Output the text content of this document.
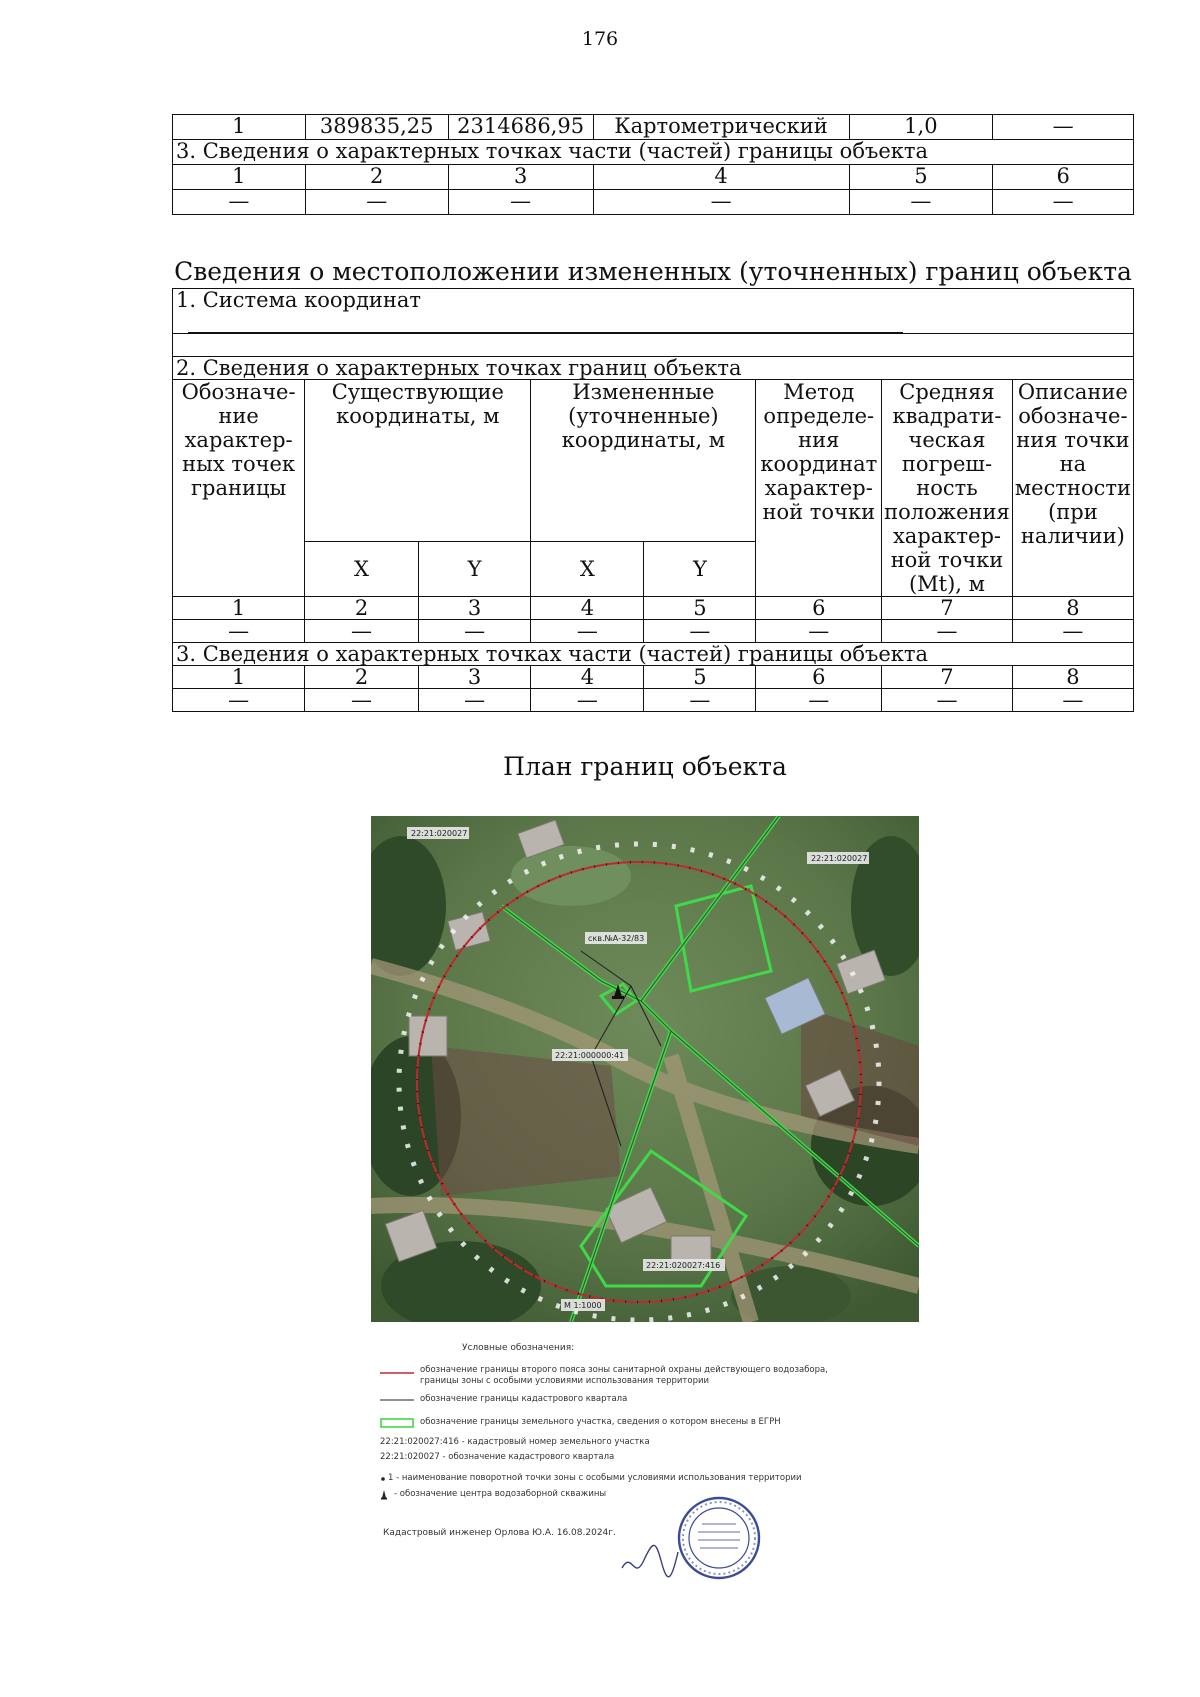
176
1	389835,25	2314686,95	Картометрический	1,0	—
3. Сведения о характерных точках части (частей) границы объекта					
1	2	3	4	5	6
—	—	—	—	—	—
Сведения о местоположении измененных (уточненных) границ объекта
1. Система координат							

2. Сведения о характерных точках границ объекта							
Обозначе-ние характер-ных точек границы	Существующие координаты, м		Измененные (уточненные) координаты, м		Метод определе-ния координат характер-ной точки	Средняя квадрати-ческая погреш-ность положения характер-ной точки (Mt), м	Описание обозначе-ния точки на местности (при наличии)
	X	Y	X	Y			
1	2	3	4	5	6	7	8
—	—	—	—	—	—	—	—
3. Сведения о характерных точках части (частей) границы объекта							
1	2	3	4	5	6	7	8
—	—	—	—	—	—	—	—
План границ объекта
22:21:020027
22:21:020027
скв.№А-32/83
22:21:000000:41
22:21:020027:416
М 1:1000
Условные обозначения:
обозначение границы второго пояса зоны санитарной охраны действующего водозабора, границы зоны с особыми условиями использования территории
обозначение границы кадастрового квартала
обозначение границы земельного участка, сведения о котором внесены в ЕГРН
22:21:020027:416 - кадастровый номер земельного участка
22:21:020027 - обозначение кадастрового квартала
1 - наименование поворотной точки зоны с особыми условиями использования территории
- обозначение центра водозаборной скважины
Кадастровый инженер Орлова Ю.А. 16.08.2024г.
